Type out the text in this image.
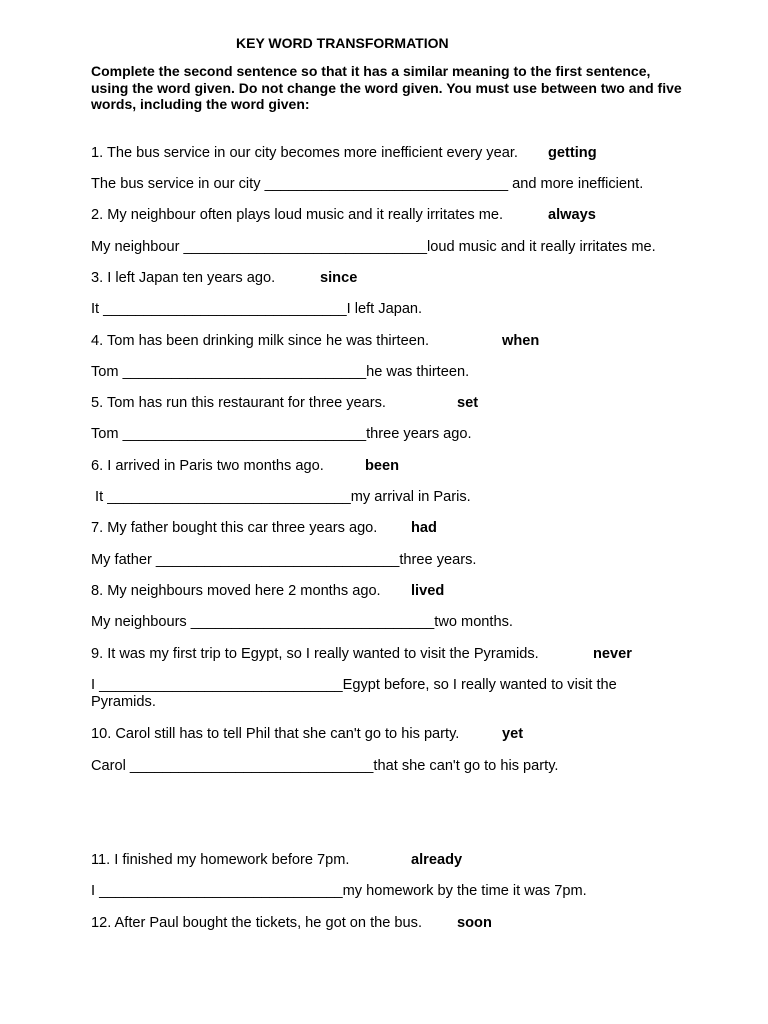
KEY WORD TRANSFORMATION
Complete the second sentence so that it has a similar meaning to the first sentence, using the word given. Do not change the word given. You must use between two and five words, including the word given:
1. The bus service in our city becomes more inefficient every year. getting
The bus service in our city ______________________________ and more inefficient.
2. My neighbour often plays loud music and it really irritates me.	always
My neighbour ______________________________loud music and it really irritates me.
3. I left Japan ten years ago.	since
It ______________________________I left Japan.
4. Tom has been drinking milk since he was thirteen.	when
Tom ______________________________he was thirteen.
5. Tom has run this restaurant for three years.	set
Tom ______________________________three years ago.
6. I arrived in Paris two months ago.	been
It ______________________________my arrival in Paris.
7. My father bought this car three years ago. had
My father ______________________________three years.
8. My neighbours moved here 2 months ago. lived
My neighbours ______________________________two months.
9. It was my first trip to Egypt, so I really wanted to visit the Pyramids.	never
I ______________________________Egypt before, so I really wanted to visit the Pyramids.
10. Carol still has to tell Phil that she can't go to his party.	yet
Carol ______________________________that she can't go to his party.
11. I finished my homework before 7pm.	already
I ______________________________my homework by the time it was 7pm.
12. After Paul bought the tickets, he got on the bus. soon
